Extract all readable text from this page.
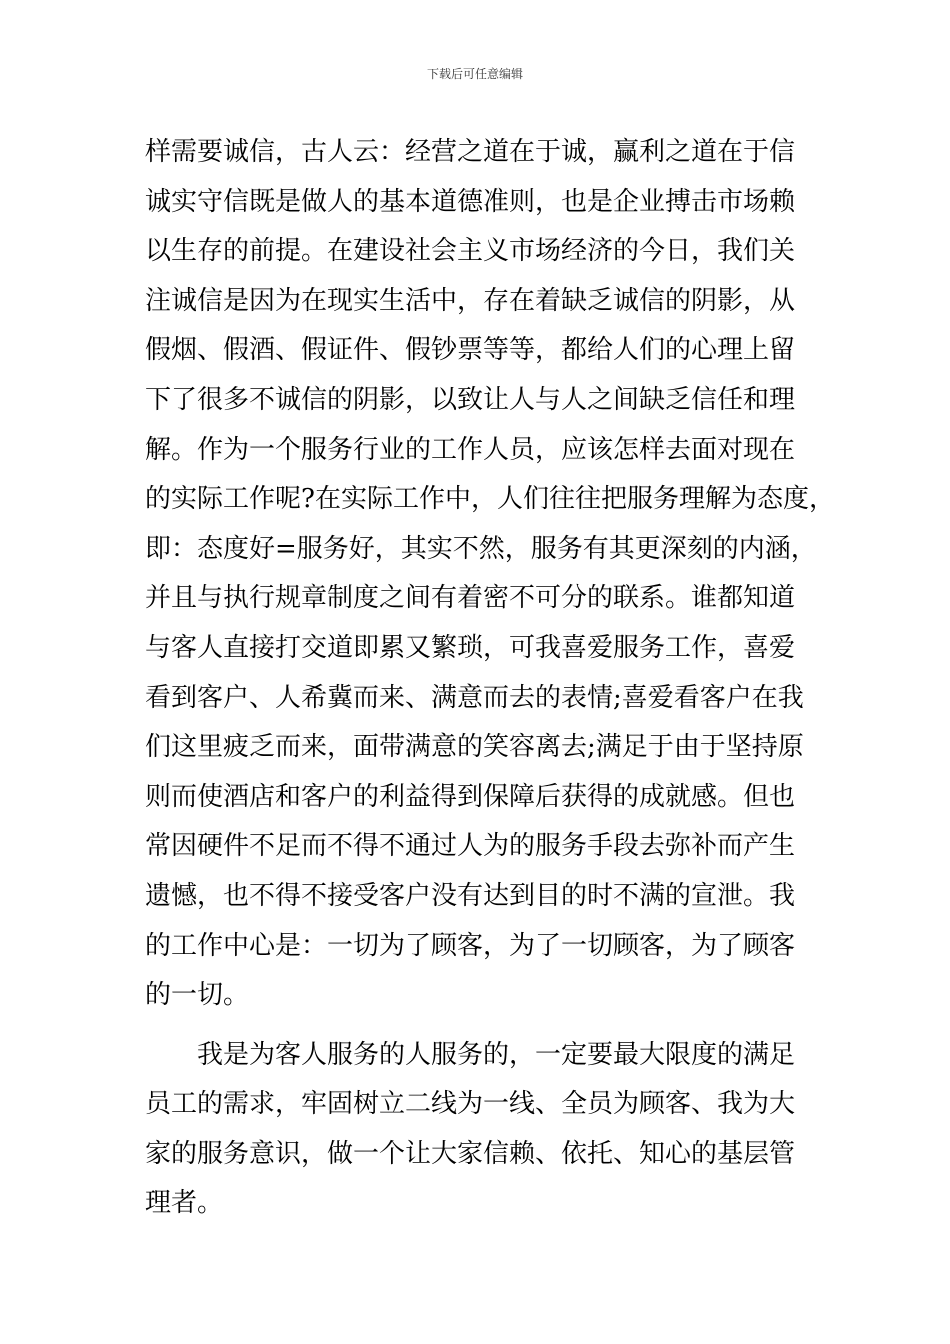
下载后可任意编辑
样需要诚信，古人云：经营之道在于诚，赢利之道在于信
诚实守信既是做人的基本道德准则，也是企业搏击市场赖
以生存的前提。在建设社会主义市场经济的今日，我们关
注诚信是因为在现实生活中，存在着缺乏诚信的阴影，从
假烟、假酒、假证件、假钞票等等，都给人们的心理上留
下了很多不诚信的阴影，以致让人与人之间缺乏信任和理
解。作为一个服务行业的工作人员，应该怎样去面对现在
的实际工作呢?在实际工作中，人们往往把服务理解为态度，
即：态度好=服务好，其实不然，服务有其更深刻的内涵，
并且与执行规章制度之间有着密不可分的联系。谁都知道
与客人直接打交道即累又繁琐，可我喜爱服务工作，喜爱
看到客户、人希冀而来、满意而去的表情;喜爱看客户在我
们这里疲乏而来，面带满意的笑容离去;满足于由于坚持原
则而使酒店和客户的利益得到保障后获得的成就感。但也
常因硬件不足而不得不通过人为的服务手段去弥补而产生
遗憾，也不得不接受客户没有达到目的时不满的宣泄。我
的工作中心是：一切为了顾客，为了一切顾客，为了顾客
的一切。
我是为客人服务的人服务的，一定要最大限度的满足
员工的需求，牢固树立二线为一线、全员为顾客、我为大
家的服务意识，做一个让大家信赖、依托、知心的基层管
理者。
